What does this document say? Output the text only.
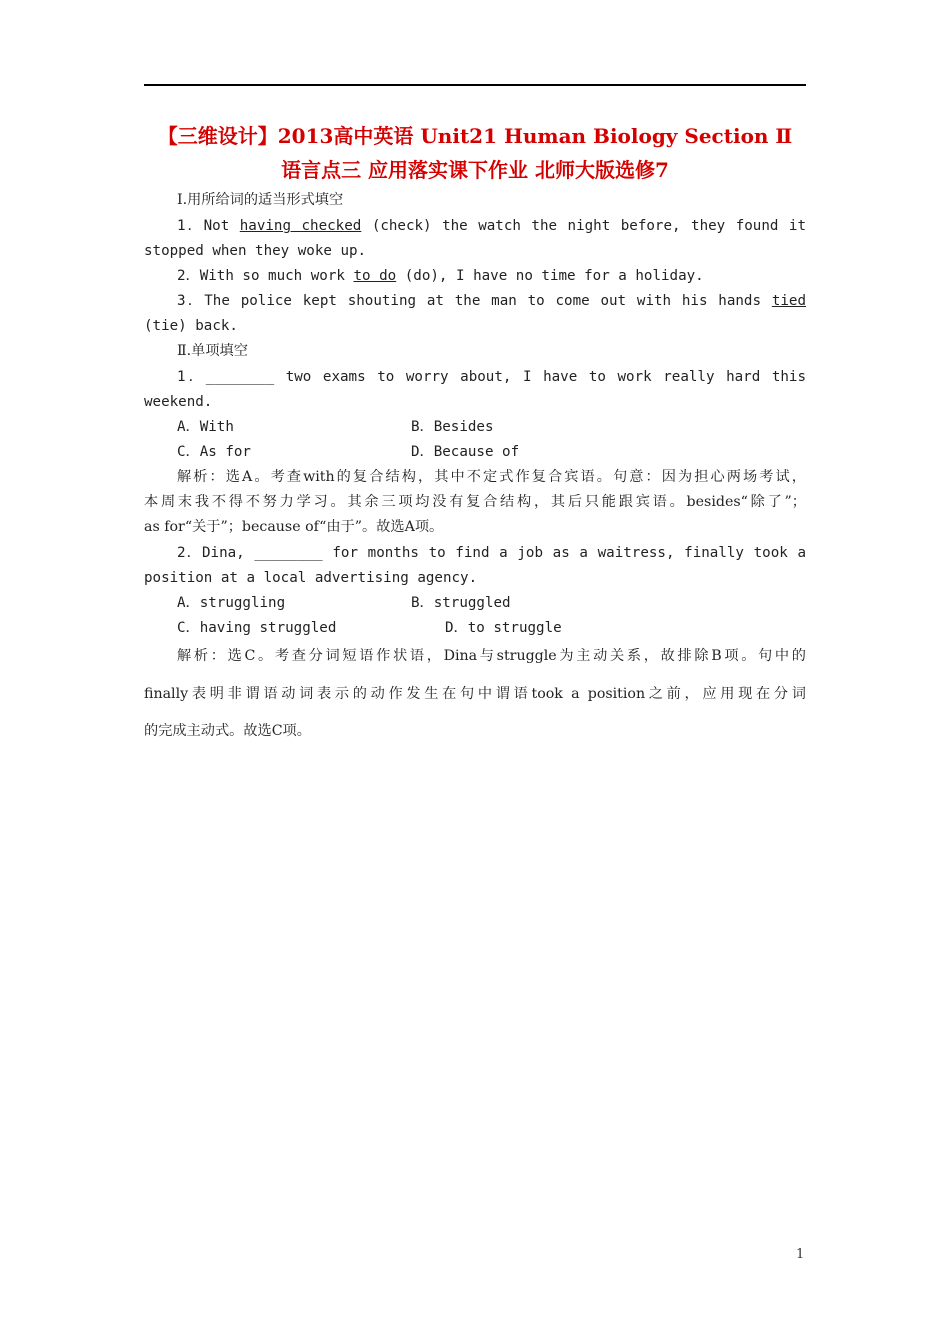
【三维设计】2013高中英语 Unit21 Human Biology Section Ⅱ
语言点三 应用落实课下作业 北师大版选修7
Ⅰ.用所给词的适当形式填空
1．Not having checked (check) the watch the night before, they found it
stopped when they woke up.
2．With so much work to do (do), I have no time for a holiday.
3．The police kept shouting at the man to come out with his hands tied
(tie) back.
Ⅱ.单项填空
1．________ two exams to worry about, I have to work really hard this
weekend.
A．With	B．Besides
C．As for	D．Because of
解析：选A。考查with的复合结构，其中不定式作复合宾语。句意：因为担心两场考试，
本周末我不得不努力学习。其余三项均没有复合结构，其后只能跟宾语。besides“除了”；
as for“关于”；because of“由于”。故选A项。
2．Dina, ________ for months to find a job as a waitress, finally took a
position at a local advertising agency.
A．struggling	B．struggled
C．having struggled	D．to struggle
解析：选C。考查分词短语作状语，Dina与struggle为主动关系，故排除B项。句中的
finally表明非谓语动词表示的动作发生在句中谓语took a position之前，应用现在分词
的完成主动式。故选C项。
1
